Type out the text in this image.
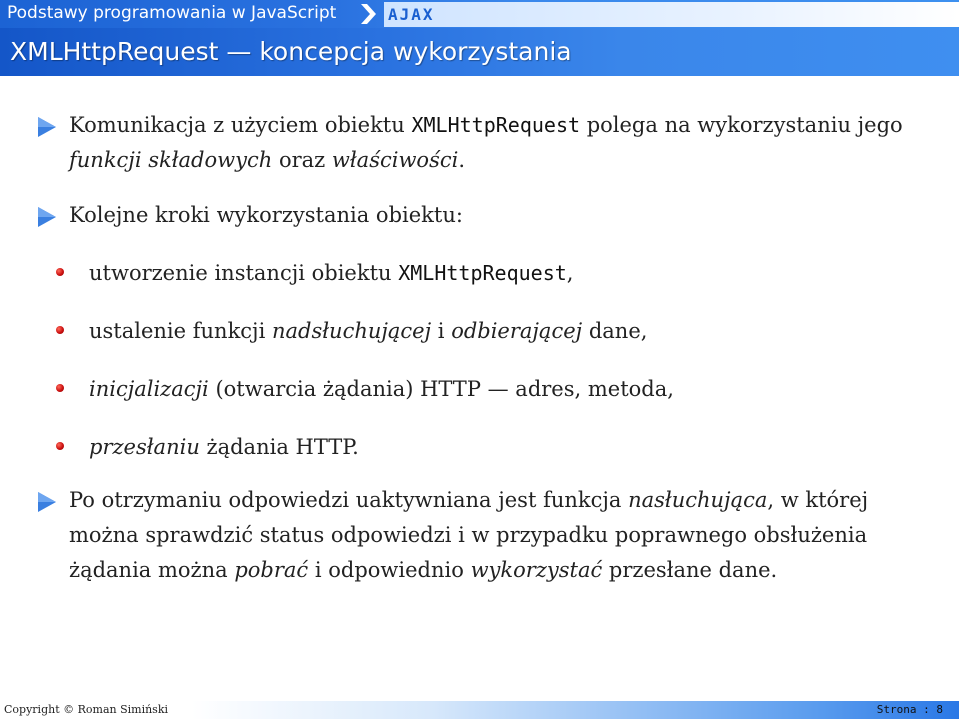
Podstawy programowania w JavaScript	AJAX
XMLHttpRequest — koncepcja wykorzystania
Komunikacja z użyciem obiektu XMLHttpRequest polega na wykorzystaniu jego
funkcji składowych oraz właściwości.
Kolejne kroki wykorzystania obiektu:
utworzenie instancji obiektu XMLHttpRequest,
ustalenie funkcji nadsłuchującej i odbierającej dane,
inicjalizacji (otwarcia żądania) HTTP — adres, metoda,
przesłaniu żądania HTTP.
Po otrzymaniu odpowiedzi uaktywniana jest funkcja nasłuchująca, w której
można sprawdzić status odpowiedzi i w przypadku poprawnego obsłużenia
żądania można pobrać i odpowiednio wykorzystać przesłane dane.
Copyright © Roman Simiński	Strona : 8
